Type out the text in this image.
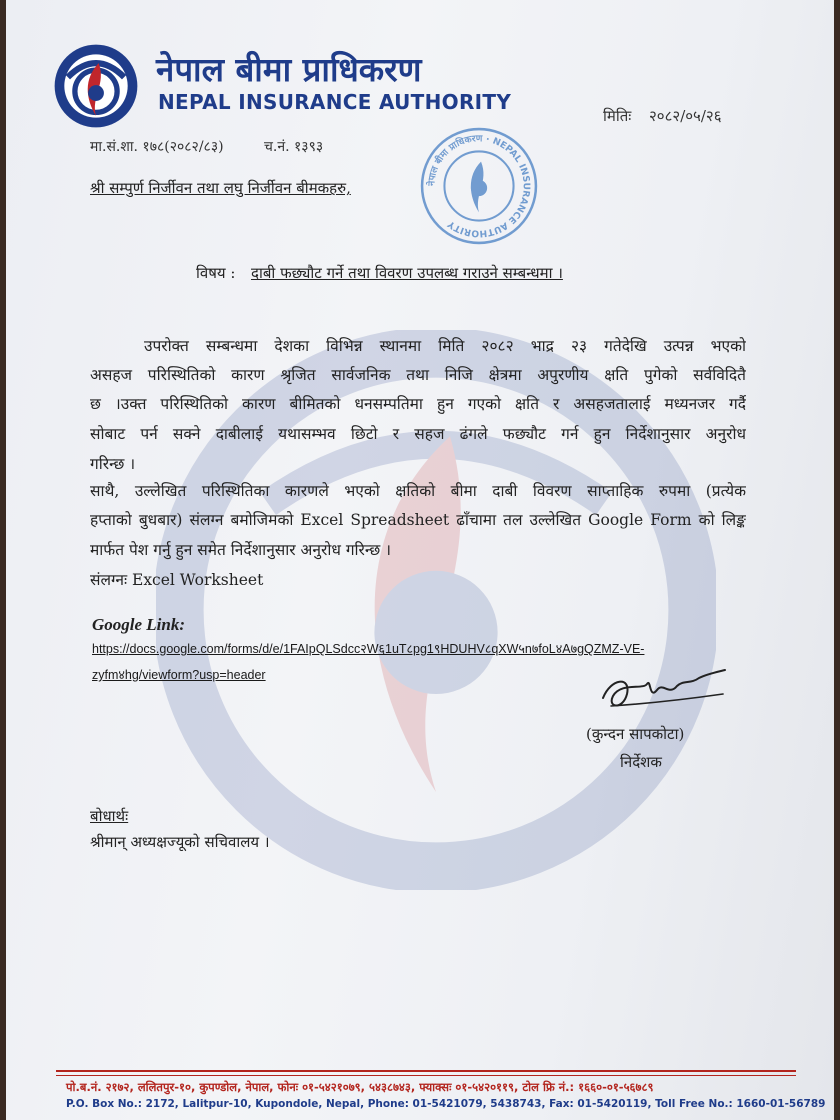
नेपाल बीमा प्राधिकरण
NEPAL INSURANCE AUTHORITY
मितिः २०८२/०५/२६
मा.सं.शा. १७८(२०८२/८३)	च.नं. १३९३
नेपाल बीमा प्राधिकरण · NEPAL INSURANCE AUTHORITY
श्री सम्पुर्ण निर्जीवन तथा लघु निर्जीवन बीमकहरु,
विषय : दाबी फछ्यौट गर्ने तथा विवरण उपलब्ध गराउने सम्बन्धमा ।
उपरोक्त सम्बन्धमा देशका विभिन्न स्थानमा मिति २०८२ भाद्र २३ गतेदेखि उत्पन्न भएको
असहज परिस्थितिको कारण श्रृजित सार्वजनिक तथा निजि क्षेत्रमा अपुरणीय क्षति पुगेको सर्वविदितै
छ ।उक्त परिस्थितिको कारण बीमितको धनसम्पतिमा हुन गएको क्षति र असहजतालाई मध्यनजर गर्दै
सोबाट पर्न सक्ने दाबीलाई यथासम्भव छिटो र सहज ढंगले फछ्यौट गर्न हुन निर्देशानुसार अनुरोध
गरिन्छ ।
साथै, उल्लेखित परिस्थितिका कारणले भएको क्षतिको बीमा दाबी विवरण साप्ताहिक रुपमा (प्रत्येक
हप्ताको बुधबार) संलग्न बमोजिमको Excel Spreadsheet ढाँचामा तल उल्लेखित Google Form को लिङ्क
मार्फत पेश गर्नु हुन समेत निर्देशानुसार अनुरोध गरिन्छ ।
संलग्नः Excel Worksheet
Google Link:
https://docs.google.com/forms/d/e/1FAIpQLSdcc२W६1uT८pg1९HDUHV८qXW५n७foL४A७gQZMZ-VE-
zyfm४hg/viewform?usp=header
(कुन्दन सापकोटा)
निर्देशक
बोधार्थः
श्रीमान् अध्यक्षज्यूको सचिवालय ।
पो.ब.नं. २१७२, ललितपुर-१०, कुपण्डोल, नेपाल, फोनः ०१-५४२१०७९, ५४३८७४३, फ्याक्सः ०१-५४२०११९, टोल फ्रि नं.: १६६०-०१-५६७८९
P.O. Box No.: 2172, Lalitpur-10, Kupondole, Nepal, Phone: 01-5421079, 5438743, Fax: 01-5420119, Toll Free No.: 1660-01-56789
